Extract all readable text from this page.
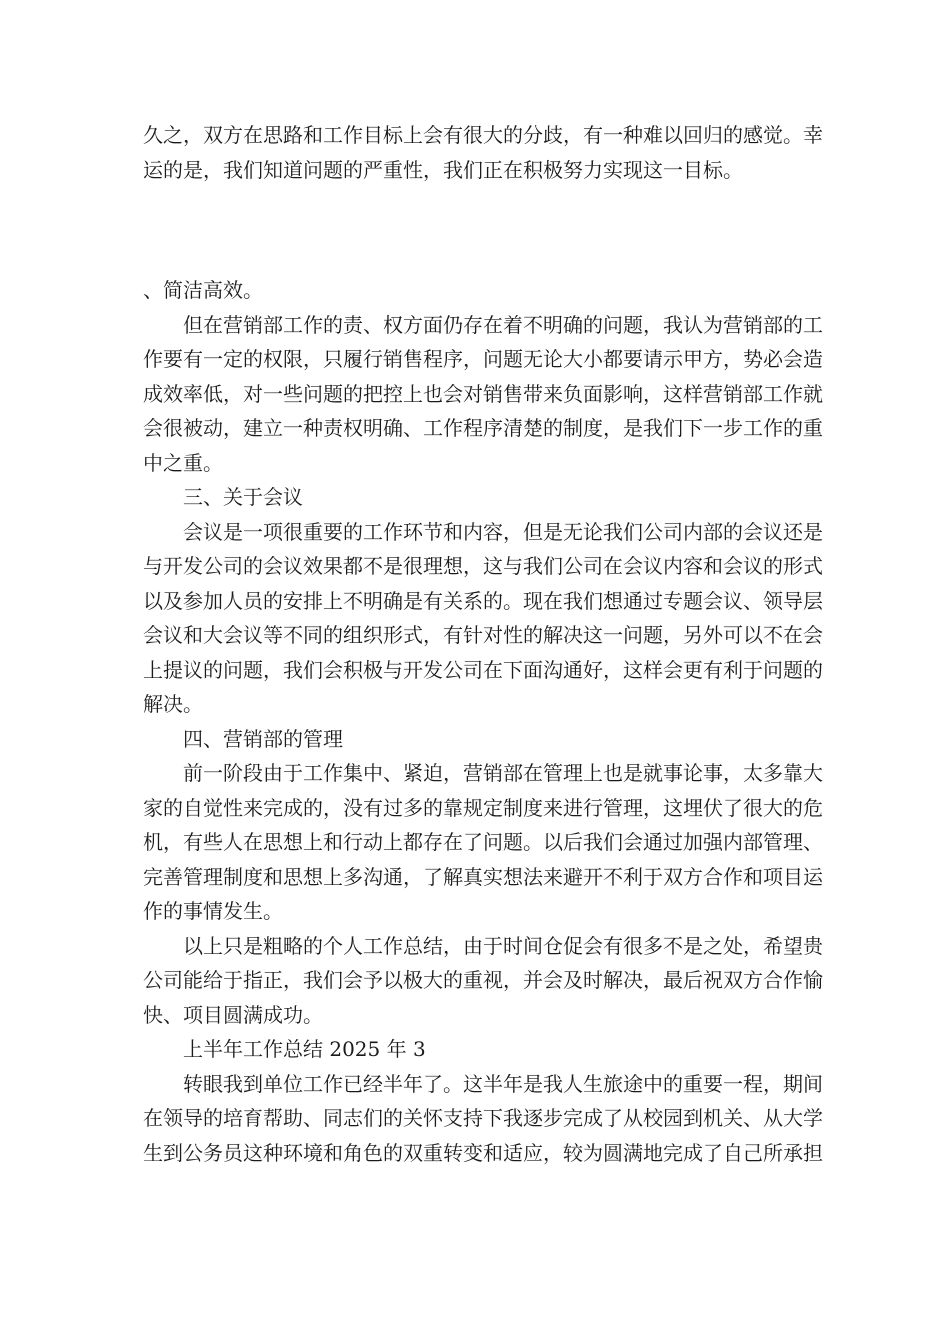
久之，双方在思路和工作目标上会有很大的分歧，有一种难以回归的感觉。幸
运的是，我们知道问题的严重性，我们正在积极努力实现这一目标。
、简洁高效。
但在营销部工作的责、权方面仍存在着不明确的问题，我认为营销部的工
作要有一定的权限，只履行销售程序，问题无论大小都要请示甲方，势必会造
成效率低，对一些问题的把控上也会对销售带来负面影响，这样营销部工作就
会很被动，建立一种责权明确、工作程序清楚的制度，是我们下一步工作的重
中之重。
三、关于会议
会议是一项很重要的工作环节和内容，但是无论我们公司内部的会议还是
与开发公司的会议效果都不是很理想，这与我们公司在会议内容和会议的形式
以及参加人员的安排上不明确是有关系的。现在我们想通过专题会议、领导层
会议和大会议等不同的组织形式，有针对性的解决这一问题，另外可以不在会
上提议的问题，我们会积极与开发公司在下面沟通好，这样会更有利于问题的
解决。
四、营销部的管理
前一阶段由于工作集中、紧迫，营销部在管理上也是就事论事，太多靠大
家的自觉性来完成的，没有过多的靠规定制度来进行管理，这埋伏了很大的危
机，有些人在思想上和行动上都存在了问题。以后我们会通过加强内部管理、
完善管理制度和思想上多沟通，了解真实想法来避开不利于双方合作和项目运
作的事情发生。
以上只是粗略的个人工作总结，由于时间仓促会有很多不是之处，希望贵
公司能给于指正，我们会予以极大的重视，并会及时解决，最后祝双方合作愉
快、项目圆满成功。
上半年工作总结 2025 年 3
转眼我到单位工作已经半年了。这半年是我人生旅途中的重要一程，期间
在领导的培育帮助、同志们的关怀支持下我逐步完成了从校园到机关、从大学
生到公务员这种环境和角色的双重转变和适应，较为圆满地完成了自己所承担
